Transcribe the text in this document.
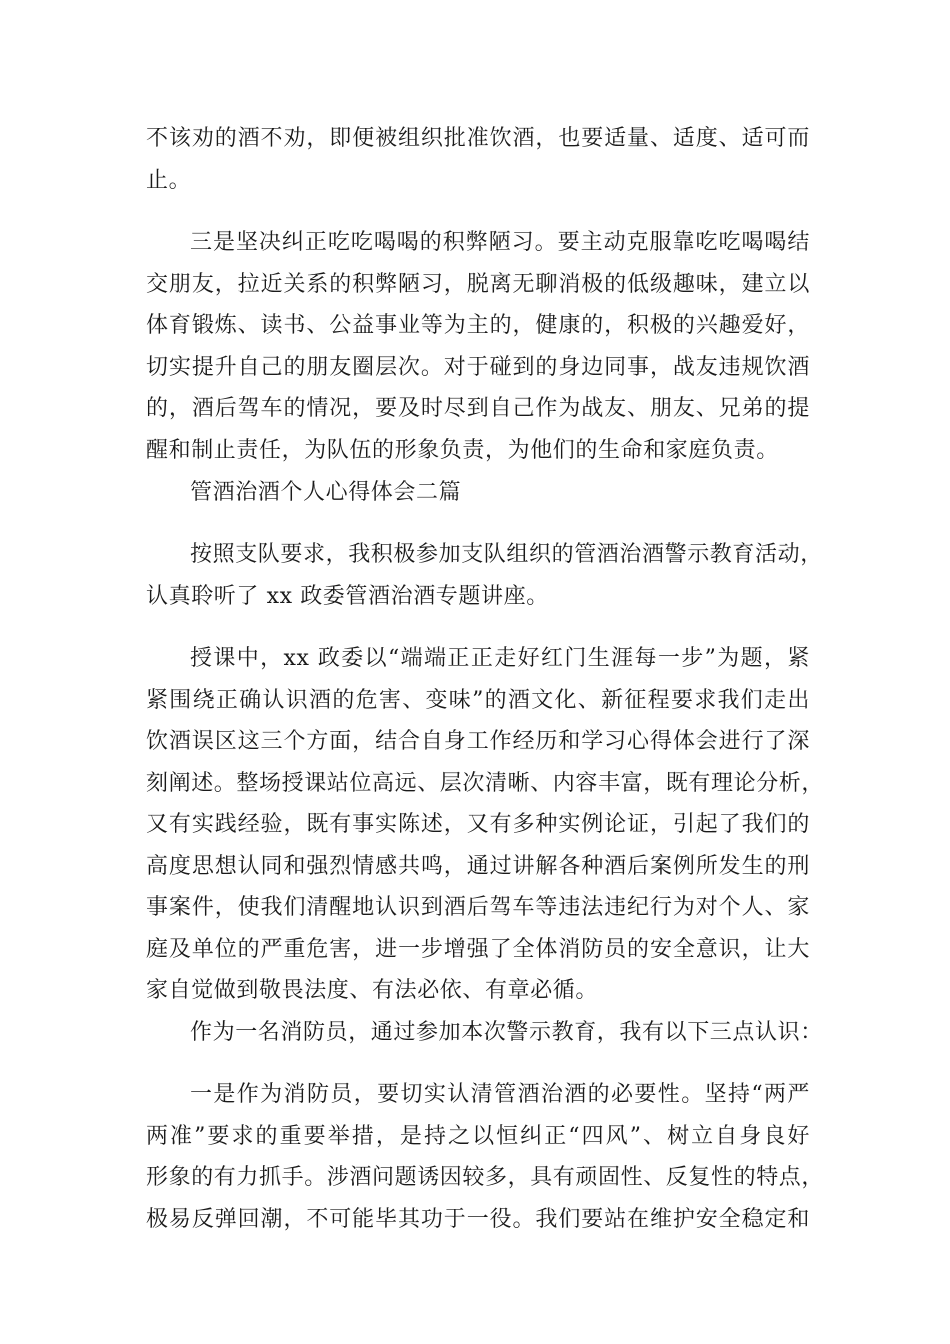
不该劝的酒不劝，即便被组织批准饮酒，也要适量、适度、适可而
止。
三是坚决纠正吃吃喝喝的积弊陋习。要主动克服靠吃吃喝喝结
交朋友，拉近关系的积弊陋习，脱离无聊消极的低级趣味，建立以
体育锻炼、读书、公益事业等为主的，健康的，积极的兴趣爱好，
切实提升自己的朋友圈层次。对于碰到的身边同事，战友违规饮酒
的，酒后驾车的情况，要及时尽到自己作为战友、朋友、兄弟的提
醒和制止责任，为队伍的形象负责，为他们的生命和家庭负责。
管酒治酒个人心得体会二篇
按照支队要求，我积极参加支队组织的管酒治酒警示教育活动，
认真聆听了 xx 政委管酒治酒专题讲座。
授课中，xx 政委以“端端正正走好红门生涯每一步”为题，紧
紧围绕正确认识酒的危害、变味”的酒文化、新征程要求我们走出
饮酒误区这三个方面，结合自身工作经历和学习心得体会进行了深
刻阐述。整场授课站位高远、层次清晰、内容丰富，既有理论分析，
又有实践经验，既有事实陈述，又有多种实例论证，引起了我们的
高度思想认同和强烈情感共鸣，通过讲解各种酒后案例所发生的刑
事案件，使我们清醒地认识到酒后驾车等违法违纪行为对个人、家
庭及单位的严重危害，进一步增强了全体消防员的安全意识，让大
家自觉做到敬畏法度、有法必依、有章必循。
作为一名消防员，通过参加本次警示教育，我有以下三点认识：
一是作为消防员，要切实认清管酒治酒的必要性。坚持“两严
两准”要求的重要举措，是持之以恒纠正“四风”、树立自身良好
形象的有力抓手。涉酒问题诱因较多，具有顽固性、反复性的特点，
极易反弹回潮，不可能毕其功于一役。我们要站在维护安全稳定和
